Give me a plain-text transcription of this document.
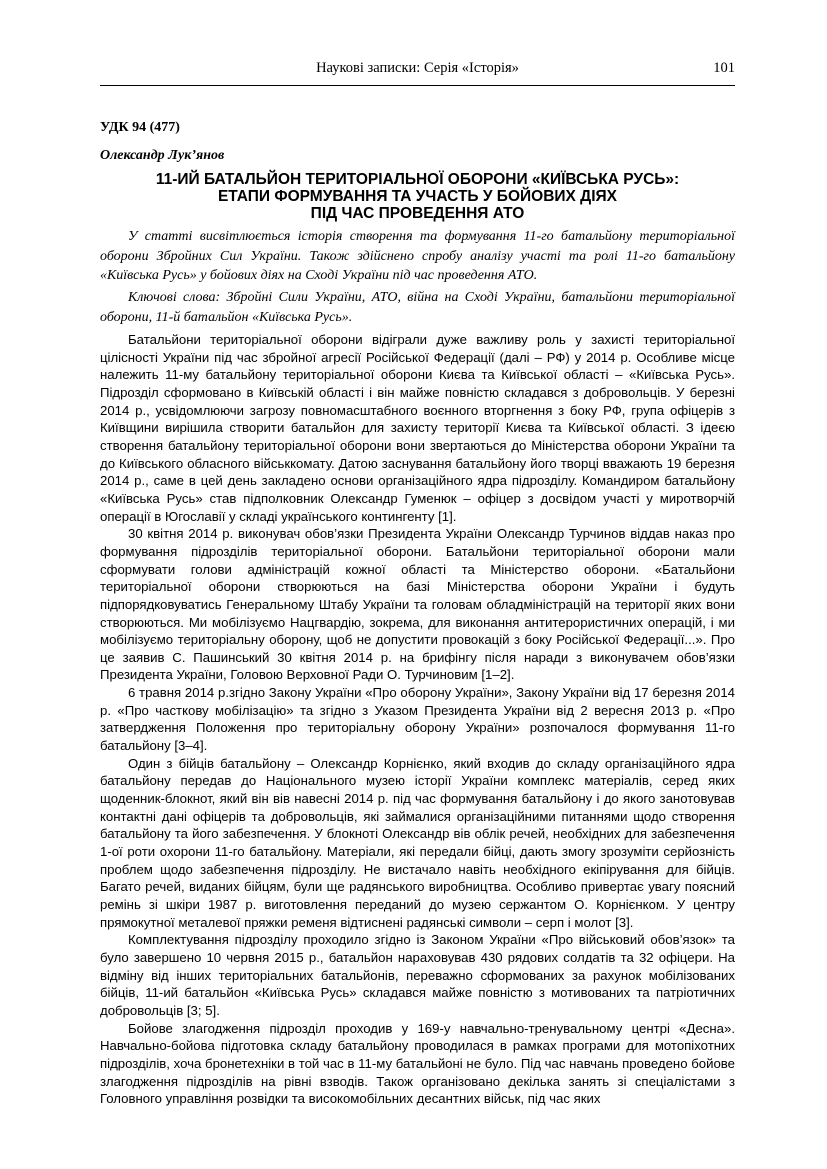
Наукові записки: Серія «Історія»	101
УДК 94 (477)
Олександр Лук’янов
11-ИЙ БАТАЛЬЙОН ТЕРИТОРІАЛЬНОЇ ОБОРОНИ «КИЇВСЬКА РУСЬ»:
ЕТАПИ ФОРМУВАННЯ ТА УЧАСТЬ У БОЙОВИХ ДІЯХ
ПІД ЧАС ПРОВЕДЕННЯ АТО

У статті висвітлюється історія створення та формування 11-го батальйону територіальної оборони Збройних Сил України. Також здійснено спробу аналізу участі та ролі 11-го батальйону «Київська Русь» у бойових діях на Сході України під час проведення АТО.

Ключові слова: Збройні Сили України, АТО, війна на Сході України, батальйони територіальної оборони, 11-й батальйон «Київська Русь».

Батальйони територіальної оборони відіграли дуже важливу роль у захисті територіальної цілісності України під час збройної агресії Російської Федерації (далі – РФ) у 2014 р. Особливе місце належить 11-му батальйону територіальної оборони Києва та Київської області – «Київська Русь». Підрозділ сформовано в Київській області і він майже повністю складався з добровольців. У березні 2014 р., усвідомлюючи загрозу повномасштабного воєнного вторгнення з боку РФ, група офіцерів з Київщини вирішила створити батальйон для захисту території Києва та Київської області. З ідеєю створення батальйону територіальної оборони вони звертаються до Міністерства оборони України та до Київського обласного військкомату. Датою заснування батальйону його творці вважають 19 березня 2014 р., саме в цей день закладено основи організаційного ядра підрозділу. Командиром батальйону «Київська Русь» став підполковник Олександр Гуменюк – офіцер з досвідом участі у миротворчій операції в Югославії у складі українського контингенту [1].

30 квітня 2014 р. виконувач обов’язки Президента України Олександр Турчинов віддав наказ про формування підрозділів територіальної оборони. Батальйони територіальної оборони мали сформувати голови адміністрацій кожної області та Міністерство оборони. «Батальйони територіальної оборони створюються на базі Міністерства оборони України і будуть підпорядковуватись Генеральному Штабу України та головам обладміністрацій на території яких вони створюються. Ми мобілізуємо Нацгвардію, зокрема, для виконання антитерористичних операцій, і ми мобілізуємо територіальну оборону, щоб не допустити провокацій з боку Російської Федерації...». Про це заявив С. Пашинський 30 квітня 2014 р. на брифінгу після наради з виконувачем обов’язки Президента України, Головою Верховної Ради О. Турчиновим [1–2].

6 травня 2014 р.згідно Закону України «Про оборону України», Закону України від 17 березня 2014 р. «Про часткову мобілізацію» та згідно з Указом Президента України від 2 вересня 2013 р. «Про затвердження Положення про територіальну оборону України» розпочалося формування 11-го батальйону [3–4].

Один з бійців батальйону – Олександр Корнієнко, який входив до складу організаційного ядра батальйону передав до Національного музею історії України комплекс матеріалів, серед яких щоденник-блокнот, який він вів навесні 2014 р. під час формування батальйону і до якого занотовував контактні дані офіцерів та добровольців, які займалися організаційними питаннями щодо створення батальйону та його забезпечення. У блокноті Олександр вів облік речей, необхідних для забезпечення 1-ої роти охорони 11-го батальйону. Матеріали, які передали бійці, дають змогу зрозуміти серйозність проблем щодо забезпечення підрозділу. Не вистачало навіть необхідного екіпірування для бійців. Багато речей, виданих бійцям, були ще радянського виробництва. Особливо привертає увагу поясний ремінь зі шкіри 1987 р. виготовлення переданий до музею сержантом О. Корнієнком. У центру прямокутної металевої пряжки ременя відтиснені радянські символи – серп і молот [3].

Комплектування підрозділу проходило згідно із Законом України «Про військовий обов’язок» та було завершено 10 червня 2015 р., батальйон нараховував 430 рядових солдатів та 32 офіцери. На відміну від інших територіальних батальйонів, переважно сформованих за рахунок мобілізованих бійців, 11-ий батальйон «Київська Русь» складався майже повністю з мотивованих та патріотичних добровольців [3; 5].

Бойове злагодження підрозділ проходив у 169-у навчально-тренувальному центрі «Десна». Навчально-бойова підготовка складу батальйону проводилася в рамках програми для мотопіхотних підрозділів, хоча бронетехніки в той час в 11-му батальйоні не було. Під час навчань проведено бойове злагодження підрозділів на рівні взводів. Також організовано декілька занять зі спеціалістами з Головного управління розвідки та високомобільних десантних військ, під час яких
